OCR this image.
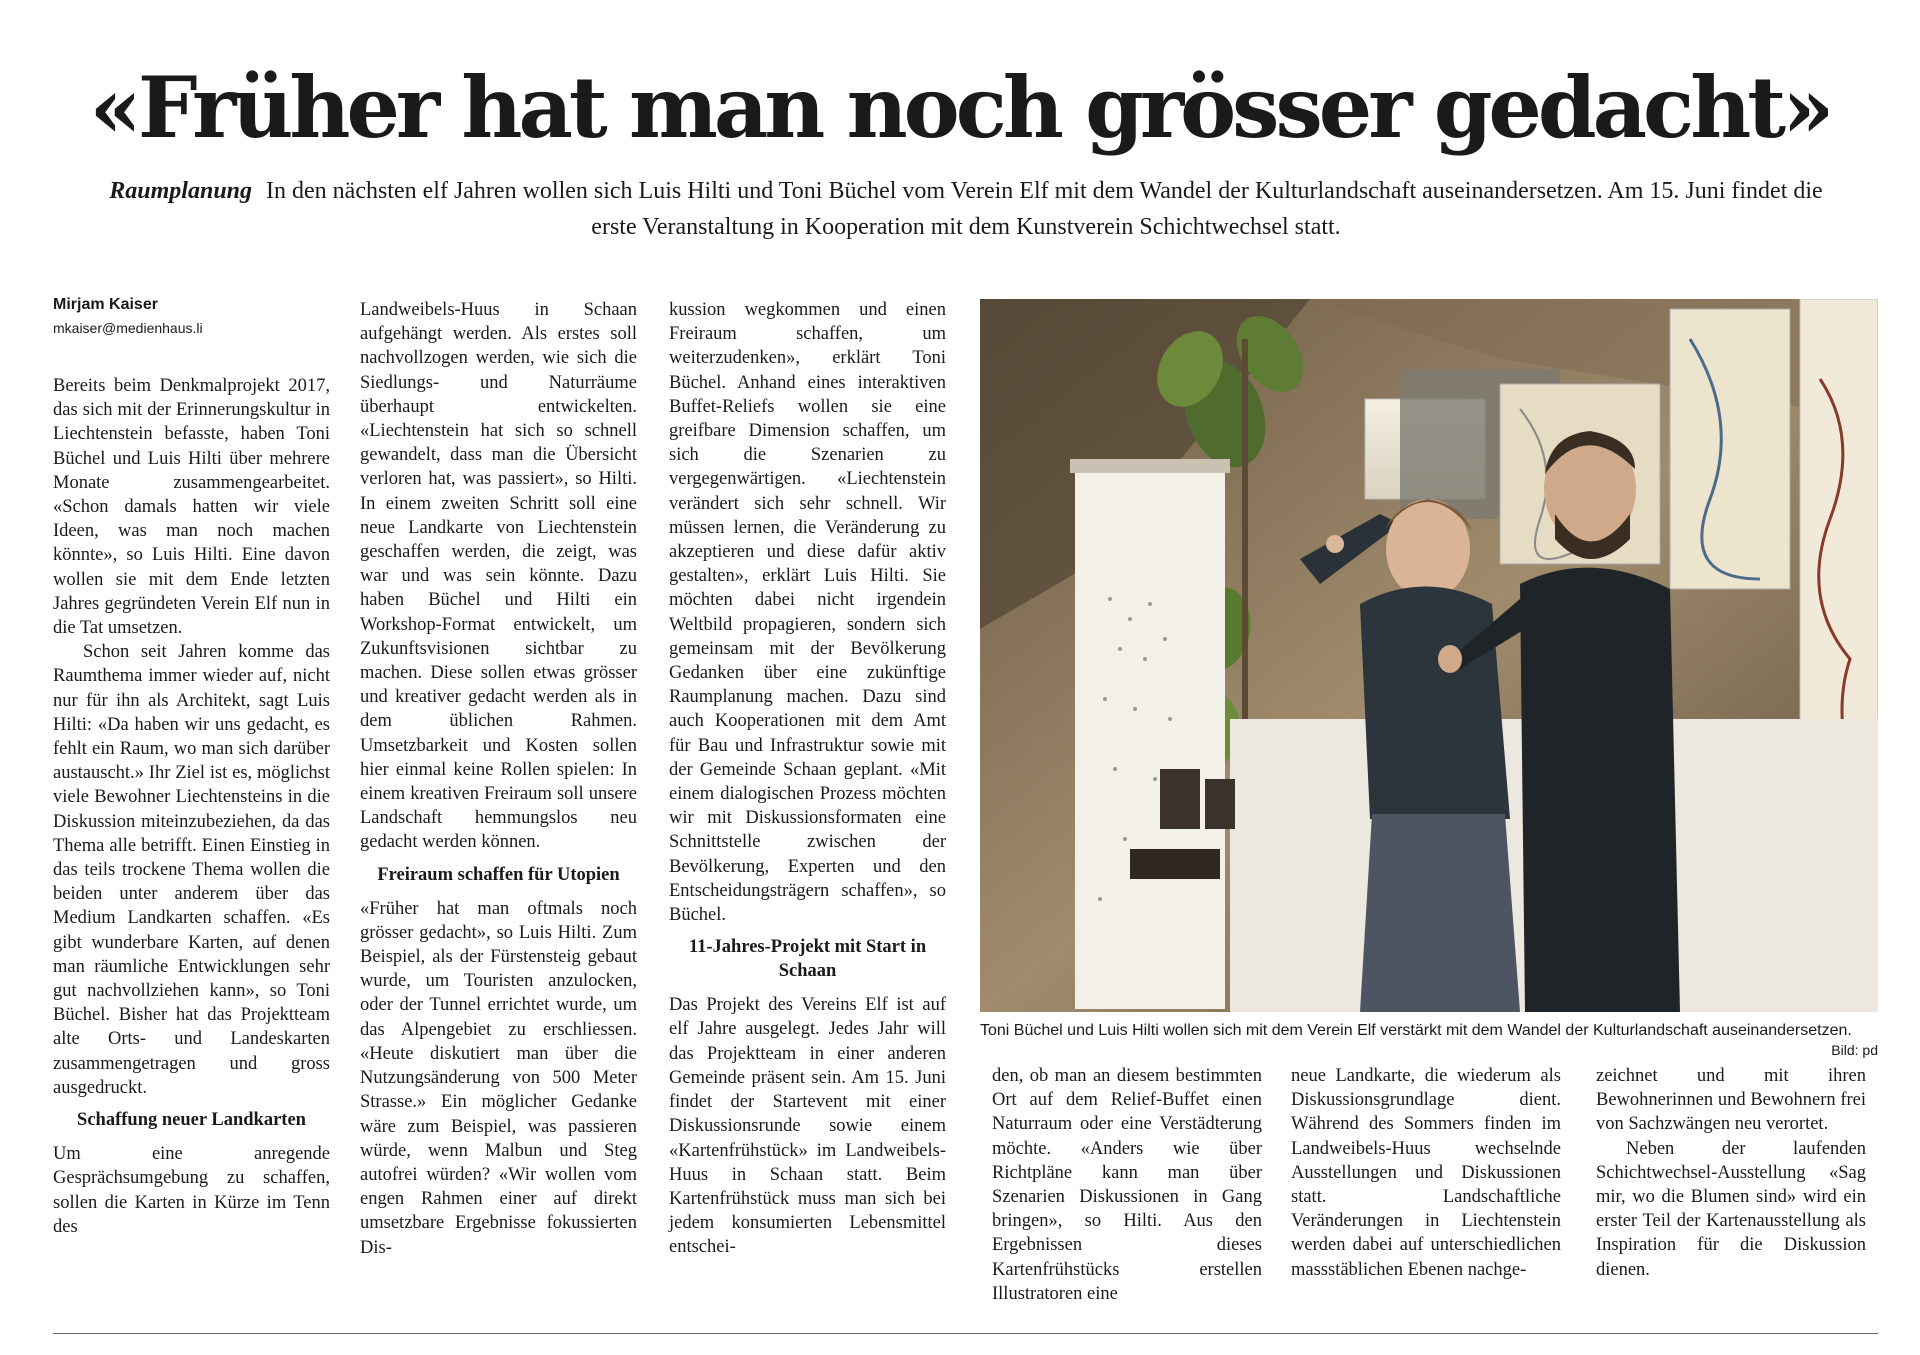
«Früher hat man noch grösser gedacht»

Raumplanung In den nächsten elf Jahren wollen sich Luis Hilti und Toni Büchel vom Verein Elf mit dem Wandel der Kulturlandschaft auseinandersetzen. Am 15. Juni findet die erste Veranstaltung in Kooperation mit dem Kunstverein Schichtwechsel statt.

Mirjam Kaiser
mkaiser@medienhaus.li

Bereits beim Denkmalprojekt 2017, das sich mit der Erinnerungskultur in Liechtenstein befasste, haben Toni Büchel und Luis Hilti über mehrere Monate zusammengearbeitet. «Schon damals hatten wir viele Ideen, was man noch machen könnte», so Luis Hilti. Eine davon wollen sie mit dem Ende letzten Jahres gegründeten Verein Elf nun in die Tat umsetzen.

Schon seit Jahren komme das Raumthema immer wieder auf, nicht nur für ihn als Architekt, sagt Luis Hilti: «Da haben wir uns gedacht, es fehlt ein Raum, wo man sich darüber austauscht.» Ihr Ziel ist es, möglichst viele Bewohner Liechtensteins in die Diskussion miteinzubeziehen, da das Thema alle betrifft. Einen Einstieg in das teils trockene Thema wollen die beiden unter anderem über das Medium Landkarten schaffen. «Es gibt wunderbare Karten, auf denen man räumliche Entwicklungen sehr gut nachvollziehen kann», so Toni Büchel. Bisher hat das Projektteam alte Orts- und Landeskarten zusammengetragen und gross ausgedruckt.

Schaffung neuer Landkarten

Um eine anregende Gesprächsumgebung zu schaffen, sollen die Karten in Kürze im Tenn des

Landweibels-Huus in Schaan aufgehängt werden. Als erstes soll nachvollzogen werden, wie sich die Siedlungs- und Naturräume überhaupt entwickelten. «Liechtenstein hat sich so schnell gewandelt, dass man die Übersicht verloren hat, was passiert», so Hilti. In einem zweiten Schritt soll eine neue Landkarte von Liechtenstein geschaffen werden, die zeigt, was war und was sein könnte. Dazu haben Büchel und Hilti ein Workshop-Format entwickelt, um Zukunftsvisionen sichtbar zu machen. Diese sollen etwas grösser und kreativer gedacht werden als in dem üblichen Rahmen. Umsetzbarkeit und Kosten sollen hier einmal keine Rollen spielen: In einem kreativen Freiraum soll unsere Landschaft hemmungslos neu gedacht werden können.

Freiraum schaffen für Utopien

«Früher hat man oftmals noch grösser gedacht», so Luis Hilti. Zum Beispiel, als der Fürstensteig gebaut wurde, um Touristen anzulocken, oder der Tunnel errichtet wurde, um das Alpengebiet zu erschliessen. «Heute diskutiert man über die Nutzungsänderung von 500 Meter Strasse.» Ein möglicher Gedanke wäre zum Beispiel, was passieren würde, wenn Malbun und Steg autofrei würden? «Wir wollen vom engen Rahmen einer auf direkt umsetzbare Ergebnisse fokussierten Dis-

kussion wegkommen und einen Freiraum schaffen, um weiterzudenken», erklärt Toni Büchel. Anhand eines interaktiven Buffet-Reliefs wollen sie eine greifbare Dimension schaffen, um sich die Szenarien zu vergegenwärtigen. «Liechtenstein verändert sich sehr schnell. Wir müssen lernen, die Veränderung zu akzeptieren und diese dafür aktiv gestalten», erklärt Luis Hilti. Sie möchten dabei nicht irgendein Weltbild propagieren, sondern sich gemeinsam mit der Bevölkerung Gedanken über eine zukünftige Raumplanung machen. Dazu sind auch Kooperationen mit dem Amt für Bau und Infrastruktur sowie mit der Gemeinde Schaan geplant. «Mit einem dialogischen Prozess möchten wir mit Diskussionsformaten eine Schnittstelle zwischen der Bevölkerung, Experten und den Entscheidungsträgern schaffen», so Büchel.

11-Jahres-Projekt mit Start in Schaan

Das Projekt des Vereins Elf ist auf elf Jahre ausgelegt. Jedes Jahr will das Projektteam in einer anderen Gemeinde präsent sein. Am 15. Juni findet der Startevent mit einer Diskussionsrunde sowie einem «Kartenfrühstück» im Landweibels-Huus in Schaan statt. Beim Kartenfrühstück muss man sich bei jedem konsumierten Lebensmittel entschei-

Toni Büchel und Luis Hilti wollen sich mit dem Verein Elf verstärkt mit dem Wandel der Kulturlandschaft auseinandersetzen.
Bild: pd

den, ob man an diesem bestimmten Ort auf dem Relief-Buffet einen Naturraum oder eine Verstädterung möchte. «Anders wie über Richtpläne kann man über Szenarien Diskussionen in Gang bringen», so Hilti. Aus den Ergebnissen dieses Kartenfrühstücks erstellen Illustratoren eine

neue Landkarte, die wiederum als Diskussionsgrundlage dient. Während des Sommers finden im Landweibels-Huus wechselnde Ausstellungen und Diskussionen statt. Landschaftliche Veränderungen in Liechtenstein werden dabei auf unterschiedlichen massstäblichen Ebenen nachge-

zeichnet und mit ihren Bewohnerinnen und Bewohnern frei von Sachzwängen neu verortet.

Neben der laufenden Schichtwechsel-Ausstellung «Sag mir, wo die Blumen sind» wird ein erster Teil der Kartenausstellung als Inspiration für die Diskussion dienen.
